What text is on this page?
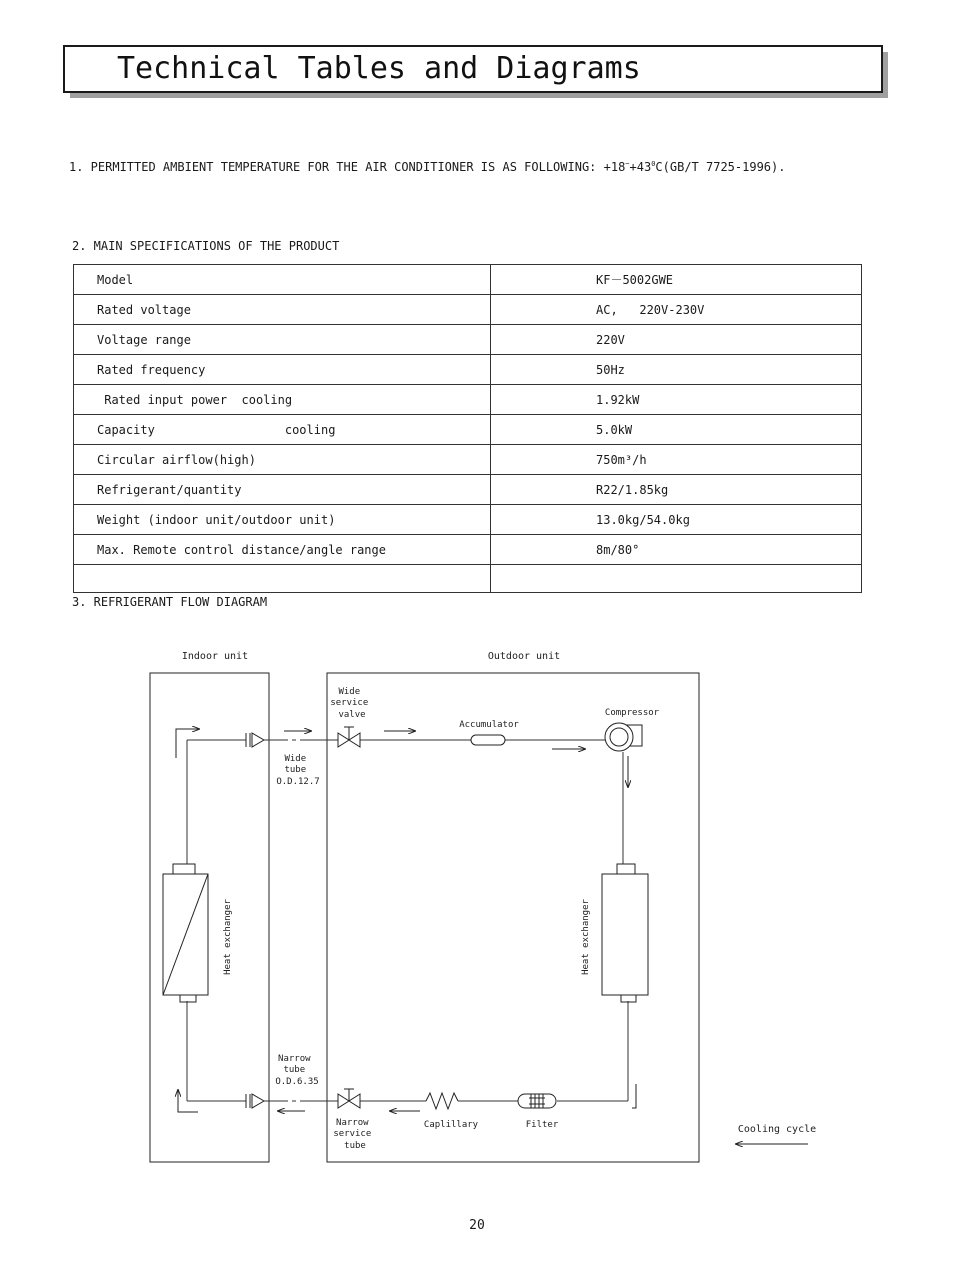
Technical Tables and Diagrams
1. PERMITTED AMBIENT TEMPERATURE FOR THE AIR CONDITIONER IS AS FOLLOWING: $+18^\sim+43^0C(GB/T$ 7725-1996).
2. MAIN SPECIFICATIONS OF THE PRODUCT
Model	KF－5002GWE
Rated voltage	AC,   220V-230V
Voltage range	220V
Rated frequency	50Hz
Rated input power  cooling	1.92kW
Capacity                  cooling	5.0kW
Circular airflow(high)	750m³/h
Refrigerant/quantity	R22/1.85kg
Weight (indoor unit/outdoor unit)	13.0kg/54.0kg
Max. Remote control distance/angle range	8m/80°

3. REFRIGERANT FLOW DIAGRAM
Indoor unit	Outdoor unit
Heat exchanger	Heat exchanger
Wide service valve
Narrow service tube
Wide tube O.D.12.7
Narrow tube O.D.6.35
Accumulator
Compressor
Caplillary	Filter	Cooling cycle
20
